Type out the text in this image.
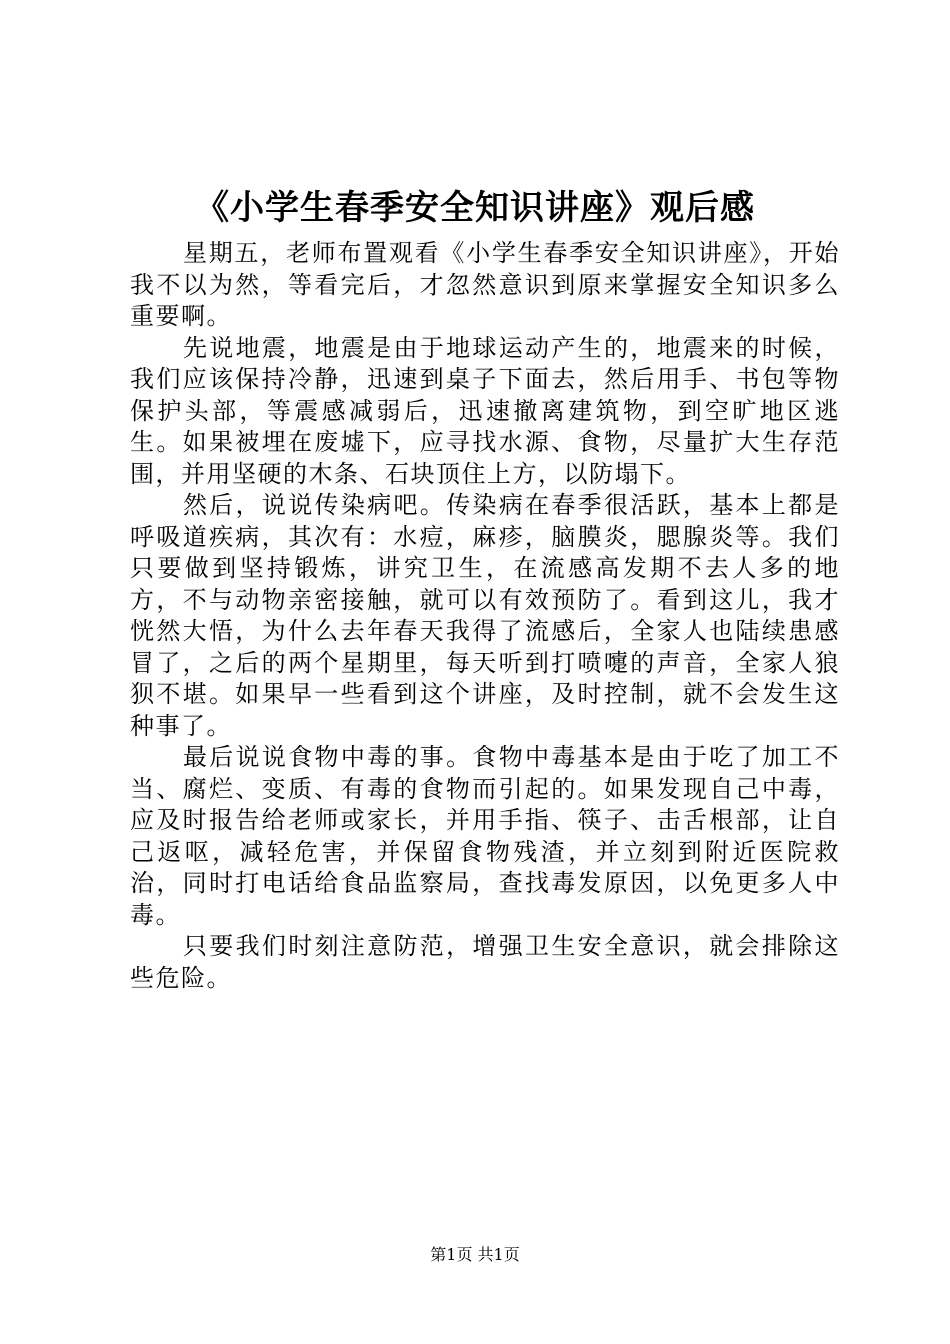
《小学生春季安全知识讲座》观后感

星期五，老师布置观看《小学生春季安全知识讲座》，开始我不以为然，等看完后，才忽然意识到原来掌握安全知识多么重要啊。

先说地震，地震是由于地球运动产生的，地震来的时候，我们应该保持冷静，迅速到桌子下面去，然后用手、书包等物保护头部，等震感减弱后，迅速撤离建筑物，到空旷地区逃生。如果被埋在废墟下，应寻找水源、食物，尽量扩大生存范围，并用坚硬的木条、石块顶住上方，以防塌下。

然后，说说传染病吧。传染病在春季很活跃，基本上都是呼吸道疾病，其次有：水痘，麻疹，脑膜炎，腮腺炎等。我们只要做到坚持锻炼，讲究卫生，在流感高发期不去人多的地方，不与动物亲密接触，就可以有效预防了。看到这儿，我才恍然大悟，为什么去年春天我得了流感后，全家人也陆续患感冒了，之后的两个星期里，每天听到打喷嚏的声音，全家人狼狈不堪。如果早一些看到这个讲座，及时控制，就不会发生这种事了。

最后说说食物中毒的事。食物中毒基本是由于吃了加工不当、腐烂、变质、有毒的食物而引起的。如果发现自己中毒，应及时报告给老师或家长，并用手指、筷子、击舌根部，让自己返呕，减轻危害，并保留食物残渣，并立刻到附近医院救治，同时打电话给食品监察局，查找毒发原因，以免更多人中毒。

只要我们时刻注意防范，增强卫生安全意识，就会排除这些危险。

第1页 共1页
